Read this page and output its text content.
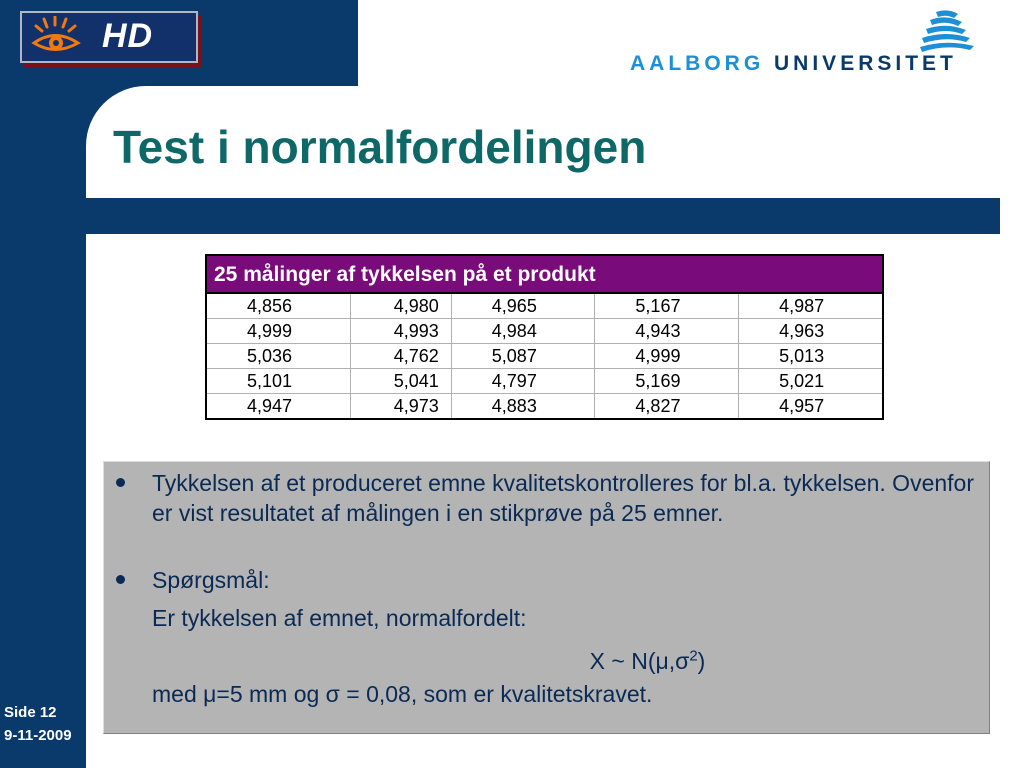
HD
AALBORG UNIVERSITET
Test i normalfordelingen
25 målinger af tykkelsen på et produkt				
4,856	4,980	4,965	5,167	4,987
4,999	4,993	4,984	4,943	4,963
5,036	4,762	5,087	4,999	5,013
5,101	5,041	4,797	5,169	5,021
4,947	4,973	4,883	4,827	4,957
Tykkelsen af et produceret emne kvalitetskontrolleres for bl.a. tykkelsen. Ovenfor er vist resultatet af målingen i en stikprøve på 25 emner.
Spørgsmål:
Er tykkelsen af emnet, normalfordelt:
X ~ $N(\mu,\sigma^2)$
med μ=5 mm og σ = 0,08, som er kvalitetskravet.
Side 12
9-11-2009
